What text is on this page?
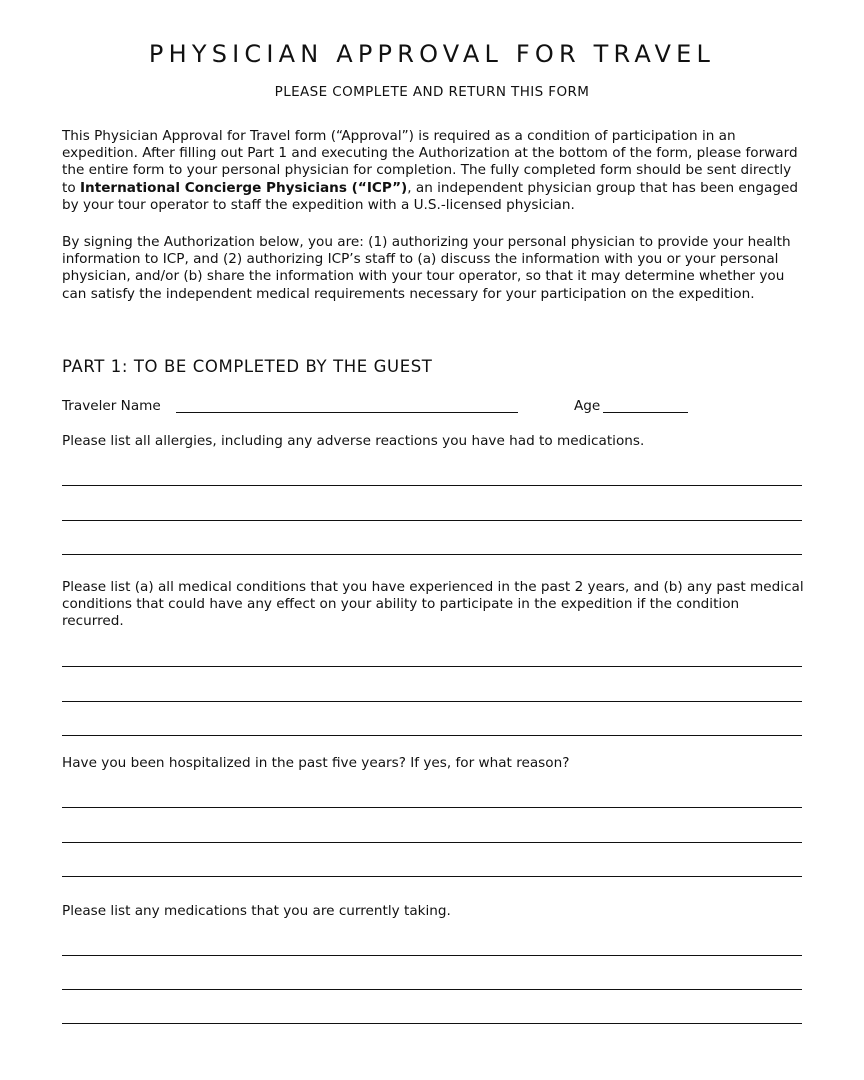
PHYSICIAN APPROVAL FOR TRAVEL

PLEASE COMPLETE AND RETURN THIS FORM

This Physician Approval for Travel form (“Approval”) is required as a condition of participation in an expedition. After filling out Part 1 and executing the Authorization at the bottom of the form, please forward the entire form to your personal physician for completion. The fully completed form should be sent directly to International Concierge Physicians (“ICP”), an independent physician group that has been engaged by your tour operator to staff the expedition with a U.S.-licensed physician.

By signing the Authorization below, you are: (1) authorizing your personal physician to provide your health information to ICP, and (2) authorizing ICP’s staff to (a) discuss the information with you or your personal physician, and/or (b) share the information with your tour operator, so that it may determine whether you can satisfy the independent medical requirements necessary for your participation on the expedition.

PART 1: TO BE COMPLETED BY THE GUEST
Traveler Name	Age

Please list all allergies, including any adverse reactions you have had to medications.

Please list (a) all medical conditions that you have experienced in the past 2 years, and (b) any past medical conditions that could have any effect on your ability to participate in the expedition if the condition recurred.

Have you been hospitalized in the past five years? If yes, for what reason?

Please list any medications that you are currently taking.
